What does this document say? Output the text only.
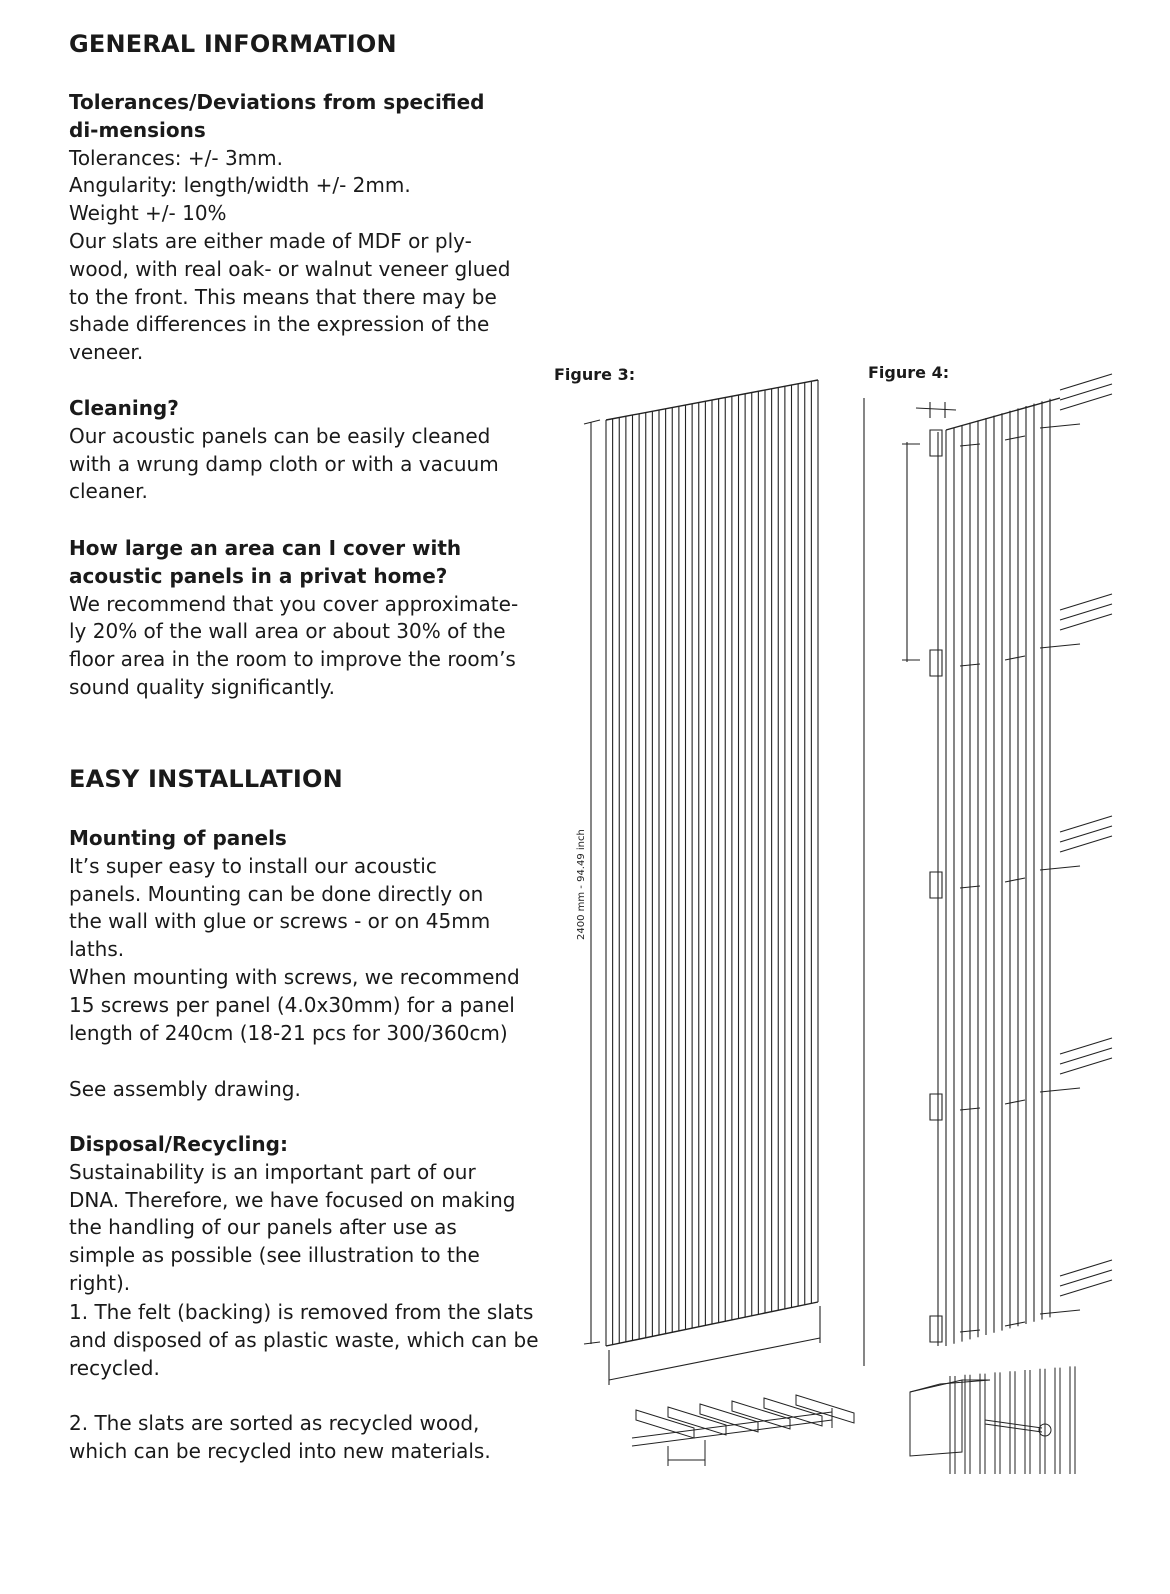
GENERAL INFORMATION
Tolerances/Deviations from specified di-mensions
Tolerances: +/- 3mm.
Angularity: length/width +/- 2mm.
Weight +/- 10%
Our slats are either made of MDF or ply-wood, with real oak- or walnut veneer glued to the front. This means that there may be shade differences in the expression of the veneer.
Cleaning?
Our acoustic panels can be easily cleaned with a wrung damp cloth or with a vacuum cleaner.
How large an area can I cover with acoustic panels in a privat home?
We recommend that you cover approximate-ly 20% of the wall area or about 30% of the floor area in the room to improve the room’s sound quality significantly.
EASY INSTALLATION
Mounting of panels
It’s super easy to install our acoustic panels. Mounting can be done directly on the wall with glue or screws - or on 45mm laths.
When mounting with screws, we recommend 15 screws per panel (4.0x30mm) for a panel length of 240cm (18-21 pcs for 300/360cm)
See assembly drawing.
Disposal/Recycling:
Sustainability is an important part of our DNA. Therefore, we have focused on making the handling of our panels after use as simple as possible (see illustration to the right).
1. The felt (backing) is removed from the slats and disposed of as plastic waste, which can be recycled.
2. The slats are sorted as recycled wood, which can be recycled into new materials.
Figure 3:	Figure 4:
2400 mm - 94.49 inch
